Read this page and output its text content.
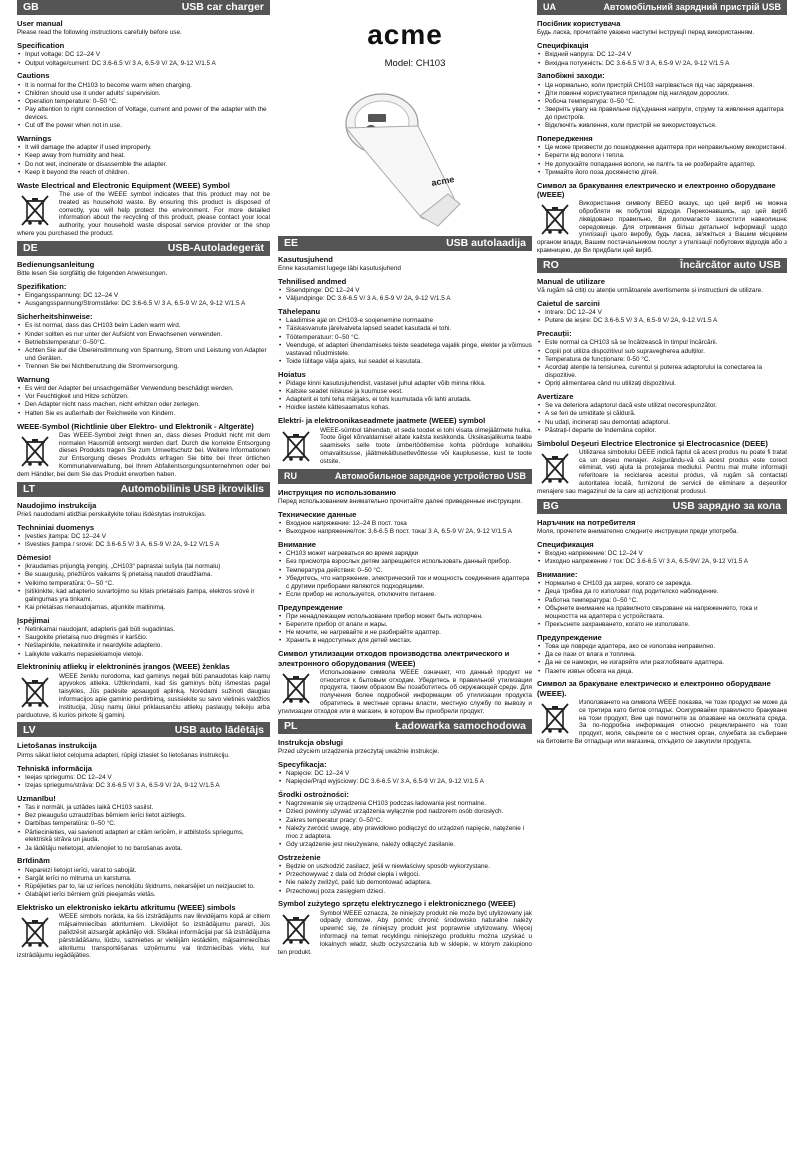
GB	USB car charger
User manual

Please read the following instructions carefully before use.

Specification
• Input voltage: DC 12–24 V
• Output voltage/current: DC 3.6-6.5 V/ 3 A, 6.5-9 V/ 2A, 9-12 V/1.5 A
Cautions
• It is normal for the CH103 to become warm when charging.
• Children should use it under adults' supervision.
• Operation temperature: 0–50 °C.
• Pay attention to right connection of Voltage, current and power of the adapter with the devices.
• Cut off the power when not in use.
Warnings
• It will damage the adapter if used improperly.
• Keep away from humidity and heat.
• Do not wet, incinerate or disassemble the adapter.
• Keep it beyond the reach of children.
Waste Electrical and Electronic Equipment (WEEE) Symbol
The use of the WEEE symbol indicates that this product may not be treated as household waste. By ensuring this product is disposed of correctly, you will help protect the environment. For more detailed information about the recycling of this product, please contact your local authority, your household waste disposal service provider or the shop where you purchased the product.
DE	USB-Autoladegerät
Bedienungsanleitung

Bitte lesen Sie sorgfältig die folgenden Anweisungen.

Spezifikation:
• Eingangsspannung: DC 12–24 V
• Ausgangsspannung/Stromstärke: DC 3.6-6.5 V/ 3 A, 6.5-9 V/ 2A, 9-12 V/1.5 A
Sicherheitshinweise:
• Es ist normal, dass das CH103 beim Laden warm wird.
• Kinder sollten es nur unter der Aufsicht von Erwachsenen verwenden.
• Betriebstemperatur: 0–50°C.
• Achten Sie auf die Übereinstimmung von Spannung, Strom und Leistung von Adapter und Geräten.
• Trennen Sie bei Nichtbenutzung die Stromversorgung.
Warnung
• Es wird der Adapter bei unsachgemäßer Verwendung beschädigt werden.
• Vor Feuchtigkeit und Hitze schützen.
• Den Adapter nicht nass machen, nicht erhitzen oder zerlegen.
• Halten Sie es außerhalb der Reichweite von Kindern.
WEEE-Symbol (Richtlinie über Elektro- und Elektronik - Altgeräte)
Das WEEE-Symbol zeigt Ihnen an, dass dieses Produkt nicht mit dem normalen Hausmüll entsorgt werden darf. Durch die korrekte Entsorgung dieses Produkts tragen Sie zum Umweltschutz bei. Weitere Informationen zur Entsorgung dieses Produkts erfragen Sie bitte bei Ihrer örtlichen Kommunalverwaltung, bei Ihrem Abfallentsorgungsunternehmen oder bei dem Händler, bei dem Sie das Produkt erworben haben.
LT	Automobilinis USB įkroviklis
Naudojimo instrukcija

Prieš naudodami atidžiai perskaitykite toliau išdėstytas instrukcijas.

Techniniai duomenys
• Įvesties įtampa: DC 12–24 V
• Išvesties įtampa / srovė: DC 3.6-6.5 V/ 3 A, 6.5-9 V/ 2A, 9-12 V/1.5 A
Dėmesio!
• Įkraudamas prijungtą įrenginį, „CH103“ paprastai sušyla (tai normalu)
• Be suaugusių, priežiūros vaikams šį prietaisą naudoti draudžiama.
• Veikimo temperatūra: 0– 50 °C.
• Įsitikinkite, kad adapterio suvartojimo su kitais prietaisais įtampa, elektros srovė ir galingumas yra tinkami.
• Kai prietaisas nenaudojamas, atjunkite maitinimą.
Įspėjimai
• Netinkamai naudojant, adapteris gali būti sugadintas.
• Saugokite prietaisą nuo drėgmės ir karščio.
• Nešlapinkite, nekaitinkite ir neardykite adapterio.
• Laikykite vaikams nepasiekiamoje vietoje.
Elektroninių atliekų ir elektroninės įrangos (WEEE) ženklas
WEEE ženklu nurodoma, kad gaminys negali būti panaudotas kaip namų apyvokos atlieka. Užtikrindami, kad šis gaminys būtų išmestas pagal taisykles, Jūs padėsite apsaugoti aplinką. Norėdami sužinoti daugiau informacijos apie gaminio perdirbimą, susisiekite su savo vietinės valdžios institucija, Jūsų namų ūkiui priklausančiu atliekų paslaugų teikėju arba parduotuve, iš kurios pirkote šį gaminį.
LV	USB auto lādētājs
Lietošanas instrukcija

Pirms sākat lietot ceļojuma adapteri, rūpīgi izlasiet šo lietošanas instrukciju.

Tehniskā informācija
• Ieejas spriegums: DC 12–24 V
• Izejas spriegums/strāva: DC 3.6-6.5 V/ 3 A, 6.5-9 V/ 2A, 9-12 V/1.5 A
Uzmanību!
• Tas ir normāli, ja uzlādes laikā CH103 sasilst.
• Bez pieaugušo uzraudzības bērniem ierīci lietot aizliegts.
• Darbības temperatūra: 0–50 °C.
• Pārliecinieties, vai savienoti adapteri ar citām ierīcēm, ir atbilstošs spriegums, elektriskā strāva un jauda.
• Ja lādētāju nelietojat, atvienojiet to no barošanas avota.
Brīdinām
• Nepareizi lietojot ierīci, varat to sabojāt.
• Sargāt ierīci no mitruma un karstuma.
• Rūpējieties par to, lai uz ierīces nenokļūtu šķidrums, nekarsējiet un neizjauciet to.
• Glabājiet ierīci bērniem grūti pieejamās vietās.
Elektrisko un elektronisko iekārtu atkritumu (WEEE) simbols
WEEE simbols norāda, ka šis izstrādājums nav likvidējams kopā ar citiem mājsaimniecības atkritumiem. Likvidējot šo izstrādājumu pareizi, Jūs palīdzēsit aizsargāt apkārtējo vidi. Sīkākai informācijai par šā izstrādājuma pārstrādāšanu, lūdzu, sazinieties ar vietējām iestādēm, mājsaimniecības atkritumu transportēšanas uzņēmumu vai tirdzniecības vietu, kur izstrādājumu iegādājāties.
acme
Model: CH103
acme
EE	USB autolaadija
Kasutusjuhend

Enne kasutamist lugege läbi kasutusjuhend

Tehnilised andmed
• Sisendpinge: DC 12–24 V
• Väljundpinge: DC 3.6-6.5 V/ 3 A, 6.5-9 V/ 2A, 9-12 V/1.5 A
Tähelepanu
• Laadimise ajal on CH103-e soojenemine normaalne
• Täiskasvanute järelvalveta lapsed seadet kasutada ei tohi.
• Töötemperatuur: 0–50 °C.
• Veenduge, et adapteri ühendamiseks teiste seadetega vajalik pinge, elekter ja võimsus vastavad nõudmistele.
• Toide lülitage välja ajaks, kui seadet ei kasutata.
Hoiatus
• Pidage kinni kasutusjuhendist, vastasel juhul adapter võib minna rikka.
• Kaitske seadet niiskuse ja kuumuse eest.
• Adapterit ei tohi teha märjaks, ei tohi kuumutada või lahti arutada.
• Hoidke lastele kättesaamatus kohas.
Elektri- ja elektroonikaseadmete jaatmete (WEEE) symbol
WEEE-sümbol tähendab, et seda toodet ei tohi visata olmejäätmete hulka. Toote õigel kõrvaldamisel aitate kaitsta keskkonda. Üksikasjalikuma teabe saamiseks selle toote ümbertöötlemise kohta pöörduge kohalikku omavalitsusse, jäätmekäitlusettevõttesse või kauplusesse, kust te toote ostsite.
RU	Автомобильное зарядное устройство USB
Инструкция по использованию

Перед использованием внимательно прочитайте далее приведенные инструкции.

Технические данные
• Входное напряжение: 12–24 В пост. тока
• Выходное напряжение/ток: 3.6-6.5 В пост. тока/ 3 А, 6.5-9 V/ 2A, 9-12 V/1.5 A
Внимание
• CH103 может нагреваться во время зарядки
• Без присмотра взрослых детям запрещается использовать данный прибор.
• Температура действия: 0–50 °C.
• Убедитесь, что напряжение, электрический ток и мощность соединения адаптера с другими приборами являются подходящими.
• Если прибор не используется, отключите питание.
Предупреждение
• При ненадлежащем использовании прибор может быть испорчен.
• Берегите прибор от влаги и жары.
• Не мочите, не нагревайте и не разбирайте адаптер.
• Хранить в недоступных для детей местах.
Символ утилизации отходов производства электрического и электронного оборудования (WEEE)
Использование символа WEEE означает, что данный продукт не относится к бытовым отходам. Убедитесь в правильной утилизации продукта, таким образом Вы позаботитесь об окружающей среде. Для получения более подробной информации об утилизации продукта обратитесь в местные органы власти, местную службу по вывозу и утилизации отходов или в магазин, в котором Вы приобрели продукт.
PL	Ładowarka samochodowa
Instrukcja obsługi

Przed użyciem urządzenia przeczytaj uważnie instrukcje.

Specyfikacja:
• Napięcie: DC 12–24 V
• Napięcie/Prąd wyjściowy: DC 3.6-6.5 V/ 3 A, 6.5-9 V/ 2A, 9-12 V/1.5 A
Środki ostrożności:
• Nagrzewanie się urządzenia CH103 podczas ładowania jest normalne.
• Dzieci powinny używać urządzenia wyłącznie pod nadzorem osób dorosłych.
• Zakres temperatur pracy: 0–50°C.
• Należy zwrócić uwagę, aby prawidłowo podłączyć do urządzeń napięcie, natężenie i moc z adaptera.
• Gdy urządzenie jest nieużywane, należy odłączyć zasilanie.
Ostrzeżenie
• Będzie on uszkodzić zasilacz, jeśli w niewłaściwy sposób wykorzystane.
• Przechowywać z dala od źródeł ciepła i wilgoci.
• Nie należy zwilżyć, palić lub demontować adaptera.
• Przechowuj poza zasięgiem dzieci.
Symbol zużytego sprzętu elektrycznego i elektronicznego (WEEE)
Symbol WEEE oznacza, że niniejszy produkt nie może być utylizowany jak odpady domowe. Aby pomóc chronić środowisko naturalne należy upewnić się, że niniejszy produkt jest poprawnie utylizowany. Więcej informacji na temat recyklingu niniejszego produktu można uzyskać u lokalnych władz, służb oczyszczania lub w sklepie, w którym zakupiono ten produkt.
UA	Автомобільний зарядний пристрій USB
Посібник користувача

Будь ласка, прочитайте уважно наступні інструкції перед використанням.

Специфікація
• Вхідний напруга: DC 12–24 V
• Вихідна потужність: DC 3.6-6.5 V/ 3 A, 6.5-9 V/ 2A, 9-12 V/1.5 A
Запобіжні заходи:
• Це нормально, коли пристрій CH103 нагрівається під час заряджання.
• Діти повинні користуватися приладом під наглядом дорослих.
• Робоча температура: 0–50 °C.
• Зверніть увагу на правильне під'єднання напруги, струму та живлення адаптера до пристроїв.
• Відключіть живлення, коли пристрій не використовується.
Попередження
• Це може призвести до пошкодження адаптера при неправильному використанні.
• Берегти від вологи і тепла.
• Не допускайте попадання вологи, не паліть та не розбирайте адаптер.
• Тримайте його поза досяжністю дітей.
Символ за бракування електрическо и електронно оборудване (WEEE)
Використання символу ВЕЕО вказує, що цей виріб не можна обробляти як побутові відходи. Переконавшись, що цей виріб ліквідовано правильно, Ви допомагаєте захистити навколишнє середовище. Для отримання більш детальної інформації щодо утилізації цього виробу, будь ласка, зв'яжіться з Вашим місцевим органом влади, Вашим постачальником послуг з утилізації побутових відходів або з крамницею, де Ви придбали цей виріб.
RO	Încărcător auto USB
Manual de utilizare

Vă rugăm să citiți cu atenție următoarele avertismente și instrucțiuni de utilizare.

Caietul de sarcini
• Intrare: DC 12–24 V
• Putere de ieșire: DC 3.6-6.5 V/ 3 A, 6.5-9 V/ 2A, 9-12 V/1.5 A
Precauții:
• Este normal ca CH103 să se încălzească în timpul încărcării.
• Copiii pot utiliza dispozitivul sub supravegherea adulților.
• Temperatura de funcționare: 0-50 °C.
• Acordați atenție la tensiunea, curentul și puterea adaptorului la conectarea la dispozitive.
• Opriți alimentarea când nu utilizați dispozitivul.
Avertizare
• Se va deteriora adaptorul dacă este utilizat necorespunzător.
• A se feri de umiditate și căldură.
• Nu udați, incinerați sau demontați adaptorul.
• Păstrați-l departe de îndemâna copiilor.
Simbolul Deșeuri Electrice Electronice și Electrocasnice (DEEE)
Utilizarea simbolului DEEE indică faptul că acest produs nu poate fi tratat ca un deșeu menajer. Asigurându-vă că acest produs este corect eliminat, veți ajuta la protejarea mediului. Pentru mai multe informații referitoare la reciclarea acestui produs, vă rugăm să contactați autoritatea locală, furnizorul de servicii de eliminare a deșeurilor menajere sau magazinul de la care ați achiziționat produsul.
BG	USB зарядно за кола
Наръчник на потребителя

Моля, прочетете внимателно следните инструкции преди употреба.

Спецификация
• Входно напрежение: DC 12–24 V
• Изходно напрежение / ток: DC 3.6-6.5 V/ 3 A, 6.5-9V/ 2A, 9-12 V/1.5 A
Внимание:
• Нормално е CH103 да загрее, когато се зарежда.
• Деца трябва да го използват под родителско наблюдение.
• Работна температура: 0–50 °C.
• Обърнете внимание на правилното свързване на напрежението, тока и мощността на адаптера с устройствата.
• Прекъснете захранването, когато не използвате.
Предупреждение
• Това ще повреди адаптера, ако се използва неправилно.
• Да се пази от влага и топлина.
• Да не се намокри, не изгаряйте или разглобявате адаптера.
• Пазете извън обсега на деца.
Символ за бракуване електрическо и електронно оборудване (WEEE).
Използването на символа WEEE показва, че този продукт не може да се третира като битов отпадък. Осигурявайки правилното бракуване на този продукт, Вие ще помогнете за опазване на околната среда. За по-подробна информация относно рециклирането на този продукт, моля, свържете се с местния орган, службата за събиране на битовите Ви отпадъци или магазина, откъдето се закупили продукта.
